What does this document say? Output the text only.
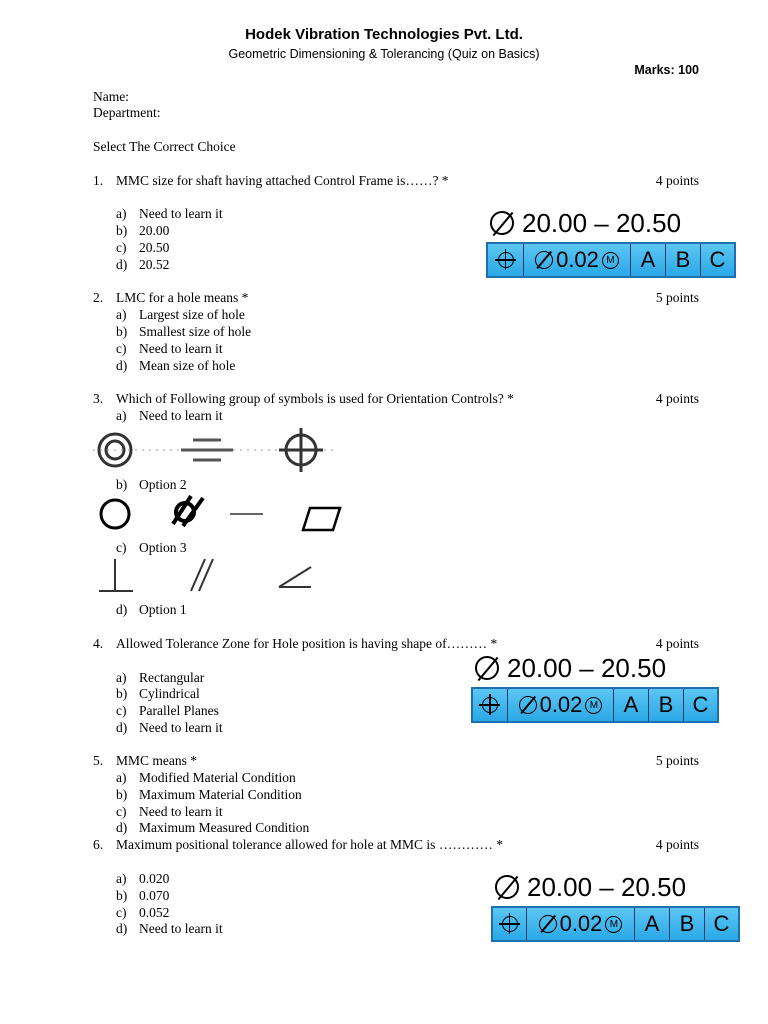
Hodek Vibration Technologies Pvt. Ltd.
Geometric Dimensioning & Tolerancing (Quiz on Basics)
Marks: 100
Name:
Department:
Select The Correct Choice
1. MMC size for shaft having attached Control Frame is……? *	4 points
a) Need to learn it
b) 20.00
c) 20.50
d) 20.52
20.00 – 20.50
0.02 M	A B C
2. LMC for a hole means *	5 points
a) Largest size of hole
b) Smallest size of hole
c) Need to learn it
d) Mean size of hole
3. Which of Following group of symbols is used for Orientation Controls? *	4 points
a) Need to learn it
b) Option 2
c) Option 3
d) Option 1
4. Allowed Tolerance Zone for Hole position is having shape of……… *	4 points
a) Rectangular
b) Cylindrical
c) Parallel Planes
d) Need to learn it
20.00 – 20.50
0.02 M	A B C
5. MMC means *	5 points
a) Modified Material Condition
b) Maximum Material Condition
c) Need to learn it
d) Maximum Measured Condition
6. Maximum positional tolerance allowed for hole at MMC is ………… *	4 points
a) 0.020
b) 0.070
c) 0.052
d) Need to learn it
20.00 – 20.50
0.02 M	A B C
